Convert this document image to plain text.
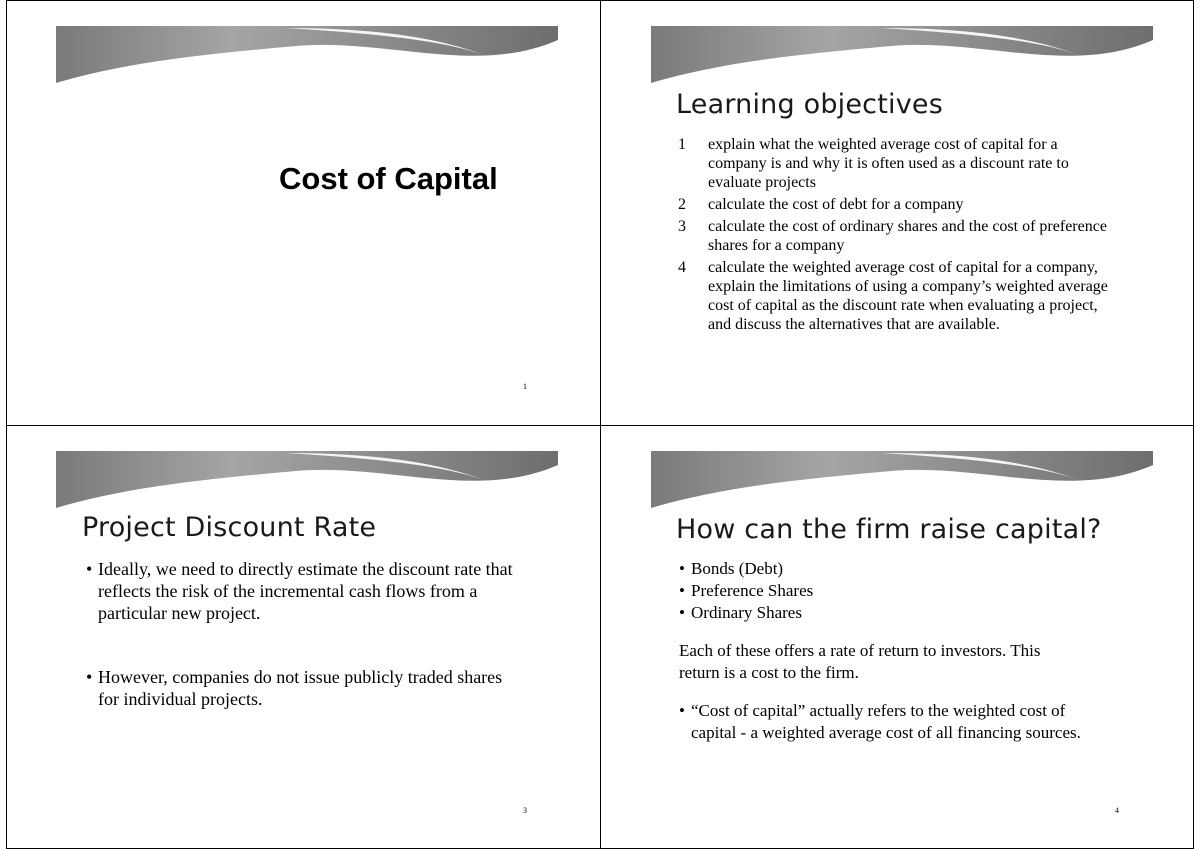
Cost of Capital
1
Learning objectives
1	explain what the weighted average cost of capital for a company is and why it is often used as a discount rate to evaluate projects
2	calculate the cost of debt for a company
3	calculate the cost of ordinary shares and the cost of preference shares for a company
4	calculate the weighted average cost of capital for a company, explain the limitations of using a company’s weighted average cost of capital as the discount rate when evaluating a project, and discuss the alternatives that are available.
Project Discount Rate
• Ideally, we need to directly estimate the discount rate that reflects the risk of the incremental cash flows from a particular new project.
• However, companies do not issue publicly traded shares for individual projects.
3
How can the firm raise capital?
• Bonds (Debt)
• Preference Shares
• Ordinary Shares

Each of these offers a rate of return to investors. This return is a cost to the firm.

• “Cost of capital” actually refers to the weighted cost of capital - a weighted average cost of all financing sources.
4
